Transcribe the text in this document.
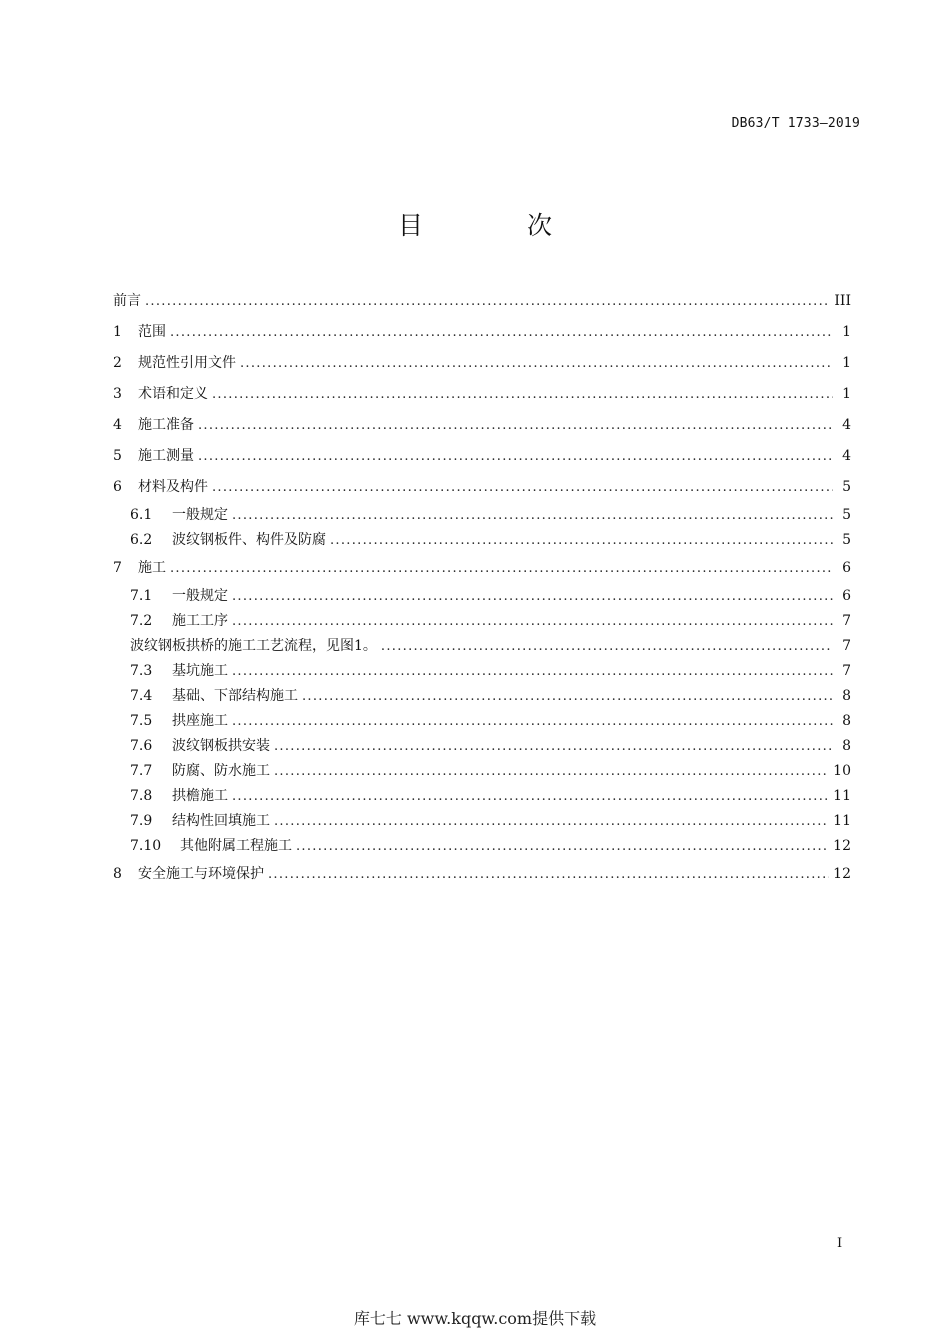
DB63/T 1733—2019
目 次
前言 .....	III
1	范围 .....	1
2	规范性引用文件 .....	1
3	术语和定义 .....	1
4	施工准备 .....	4
5	施工测量 .....	4
6	材料及构件 .....	5
6.1	一般规定 .....	5
6.2	波纹钢板件、构件及防腐 .....	5
7	施工 .....	6
7.1	一般规定 .....	6
7.2	施工工序 .....	7
波纹钢板拱桥的施工工艺流程，见图1。 .....	7
7.3	基坑施工 .....	7
7.4	基础、下部结构施工 .....	8
7.5	拱座施工 .....	8
7.6	波纹钢板拱安装 .....	8
7.7	防腐、防水施工 .....	10
7.8	拱檐施工 .....	11
7.9	结构性回填施工 .....	11
7.10	其他附属工程施工 .....	12
8	安全施工与环境保护 .....	12
I
库七七 www.kqqw.com提供下载
